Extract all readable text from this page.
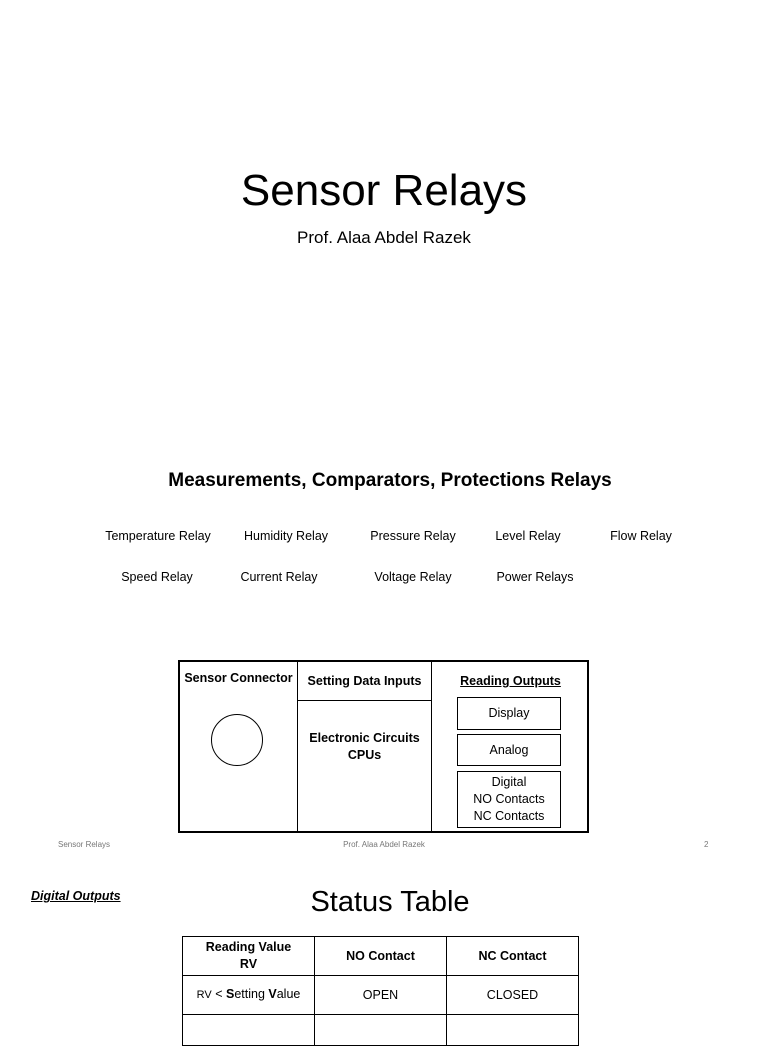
Sensor Relays
Prof. Alaa Abdel Razek
Measurements, Comparators, Protections Relays
Temperature Relay	Humidity Relay	Pressure Relay	Level Relay	Flow Relay
Speed Relay	Current Relay	Voltage Relay	Power Relays
Sensor Connector	Setting Data Inputs
Electronic Circuits
CPUs
Reading Outputs
Display
Analog
Digital
NO Contacts
NC Contacts
Sensor Relays	Prof. Alaa Abdel Razek	2
Digital Outputs	Status Table
Reading Value
RV	NO Contact	NC Contact
RV < Setting Value	OPEN	CLOSED
